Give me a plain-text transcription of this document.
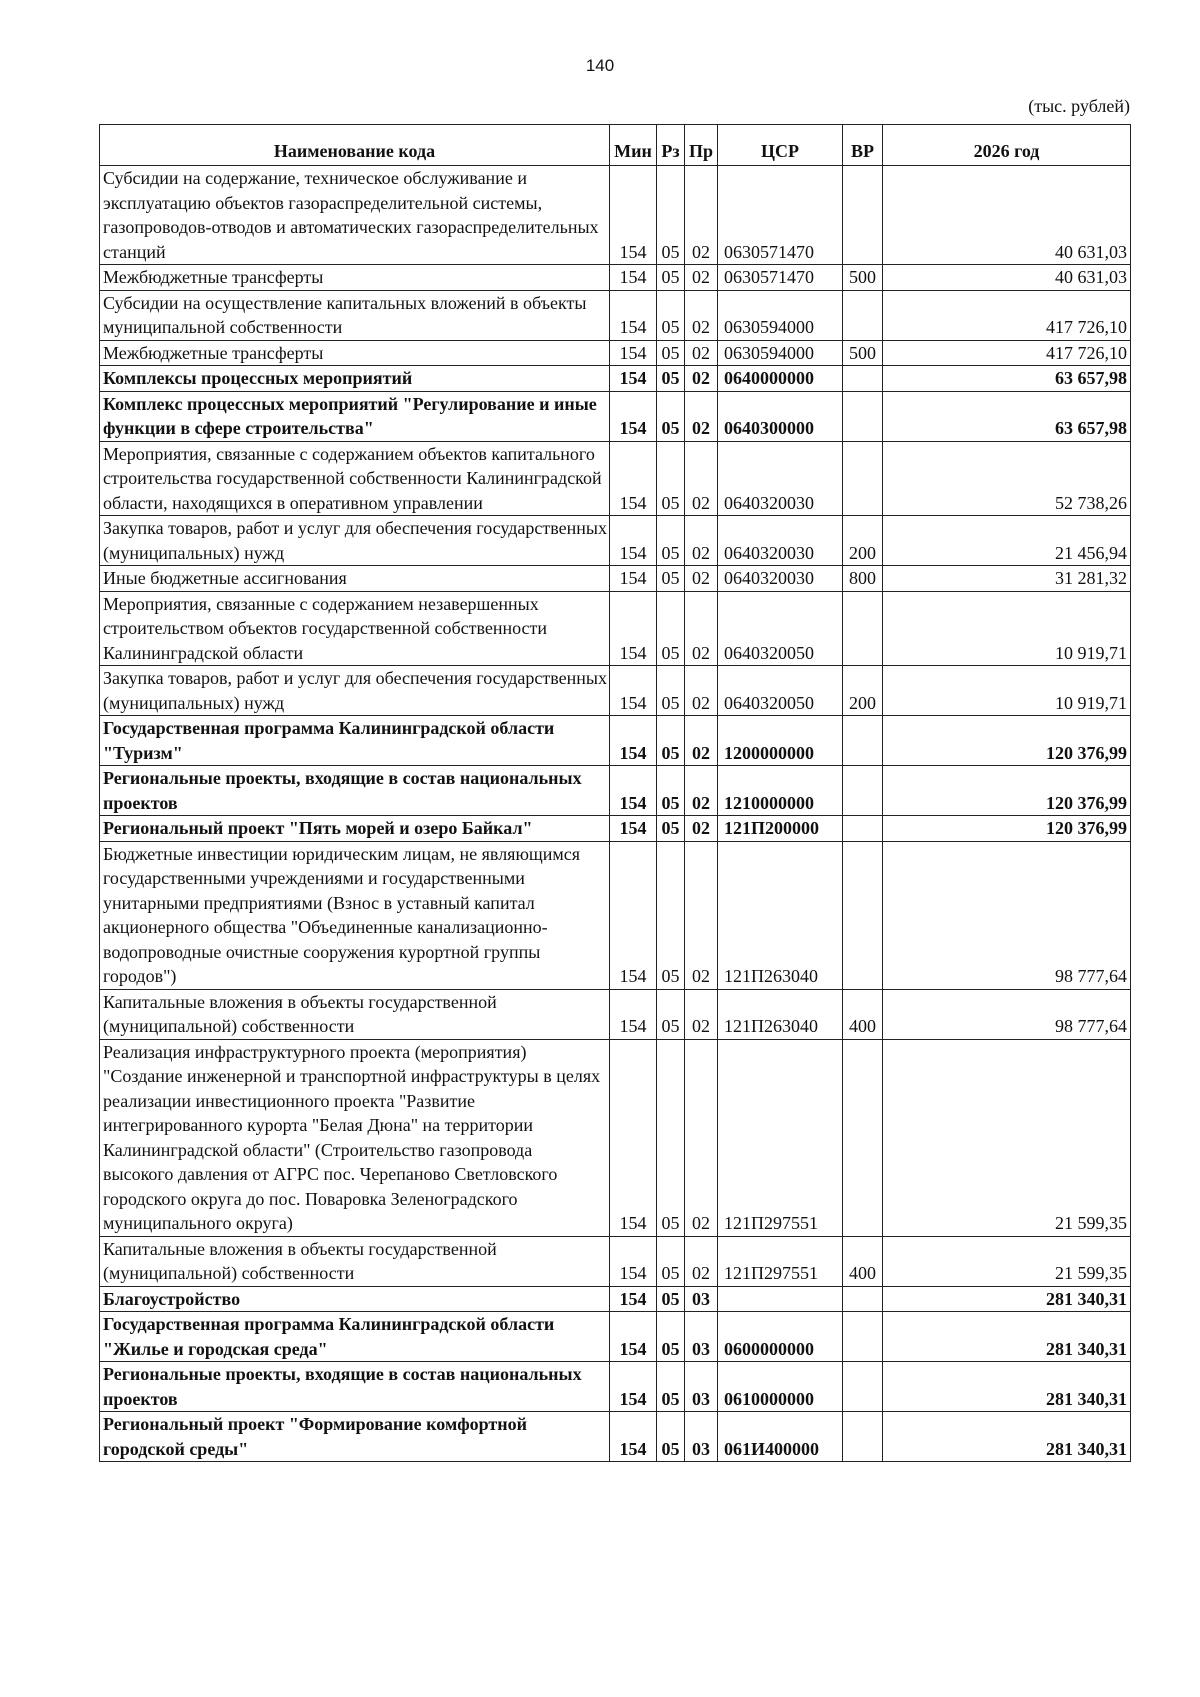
140
(тыс. рублей)
Наименование кода	Мин	Рз	Пр	ЦСР	ВР	2026 год
Субсидии на содержание, техническое обслуживание и эксплуатацию объектов газораспределительной системы, газопроводов-отводов и автоматических газораспределительных станций	154	05	02	0630571470		40 631,03
Межбюджетные трансферты	154	05	02	0630571470	500	40 631,03
Субсидии на осуществление капитальных вложений в объекты муниципальной собственности	154	05	02	0630594000		417 726,10
Межбюджетные трансферты	154	05	02	0630594000	500	417 726,10
Комплексы процессных мероприятий	154	05	02	0640000000		63 657,98
Комплекс процессных мероприятий "Регулирование и иные функции в сфере строительства"	154	05	02	0640300000		63 657,98
Мероприятия, связанные с содержанием объектов капитального строительства государственной собственности Калининградской области, находящихся в оперативном управлении	154	05	02	0640320030		52 738,26
Закупка товаров, работ и услуг для обеспечения государственных (муниципальных) нужд	154	05	02	0640320030	200	21 456,94
Иные бюджетные ассигнования	154	05	02	0640320030	800	31 281,32
Мероприятия, связанные с содержанием незавершенных строительством объектов государственной собственности Калининградской области	154	05	02	0640320050		10 919,71
Закупка товаров, работ и услуг для обеспечения государственных (муниципальных) нужд	154	05	02	0640320050	200	10 919,71
Государственная программа Калининградской области "Туризм"	154	05	02	1200000000		120 376,99
Региональные проекты, входящие в состав национальных проектов	154	05	02	1210000000		120 376,99
Региональный проект "Пять морей и озеро Байкал"	154	05	02	121П200000		120 376,99
Бюджетные инвестиции юридическим лицам, не являющимся государственными учреждениями и государственными унитарными предприятиями (Взнос в уставный капитал акционерного общества "Объединенные канализационно-водопроводные очистные сооружения курортной группы городов")	154	05	02	121П263040		98 777,64
Капитальные вложения в объекты государственной (муниципальной) собственности	154	05	02	121П263040	400	98 777,64
Реализация инфраструктурного проекта (мероприятия) "Создание инженерной и транспортной инфраструктуры в целях реализации инвестиционного проекта "Развитие интегрированного курорта "Белая Дюна" на территории Калининградской области" (Строительство газопровода высокого давления от АГРС пос. Черепаново Светловского городского округа до пос. Поваровка Зеленоградского муниципального округа)	154	05	02	121П297551		21 599,35
Капитальные вложения в объекты государственной (муниципальной) собственности	154	05	02	121П297551	400	21 599,35
Благоустройство	154	05	03			281 340,31
Государственная программа Калининградской области "Жилье и городская среда"	154	05	03	0600000000		281 340,31
Региональные проекты, входящие в состав национальных проектов	154	05	03	0610000000		281 340,31
Региональный проект "Формирование комфортной городской среды"	154	05	03	061И400000		281 340,31
